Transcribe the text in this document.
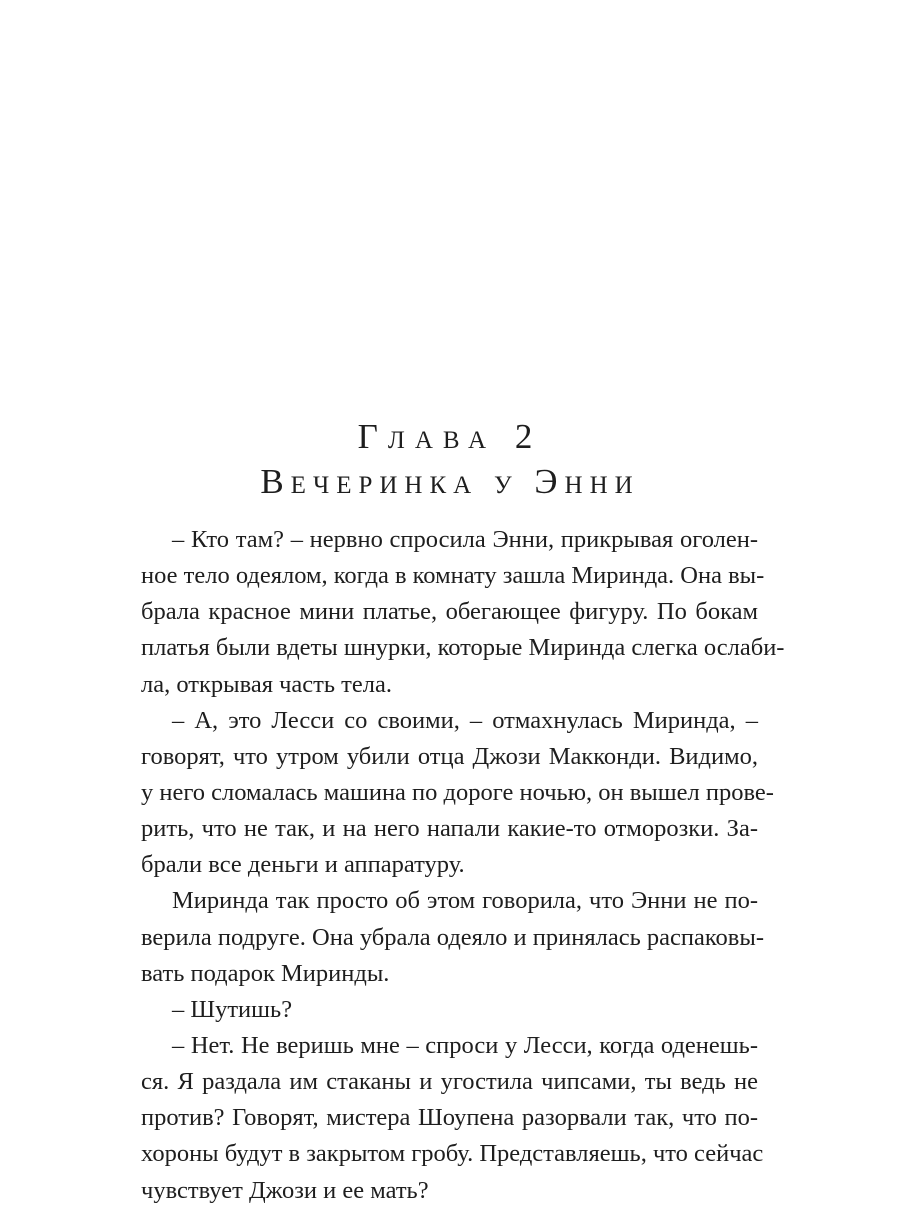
Глава 2
Вечеринка у Энни
– Кто там? – нервно спросила Энни, прикрывая оголен-
ное тело одеялом, когда в комнату зашла Миринда. Она вы-
брала красное мини платье, обегающее фигуру. По бокам
платья были вдеты шнурки, которые Миринда слегка ослаби-
ла, открывая часть тела.
– А, это Лесси со своими, – отмахнулась Миринда, –
говорят, что утром убили отца Джози Макконди. Видимо,
у него сломалась машина по дороге ночью, он вышел прове-
рить, что не так, и на него напали какие-то отморозки. За-
брали все деньги и аппаратуру.
Миринда так просто об этом говорила, что Энни не по-
верила подруге. Она убрала одеяло и принялась распаковы-
вать подарок Миринды.
– Шутишь?
– Нет. Не веришь мне – спроси у Лесси, когда оденешь-
ся. Я раздала им стаканы и угостила чипсами, ты ведь не
против? Говорят, мистера Шоупена разорвали так, что по-
хороны будут в закрытом гробу. Представляешь, что сейчас
чувствует Джози и ее мать?
